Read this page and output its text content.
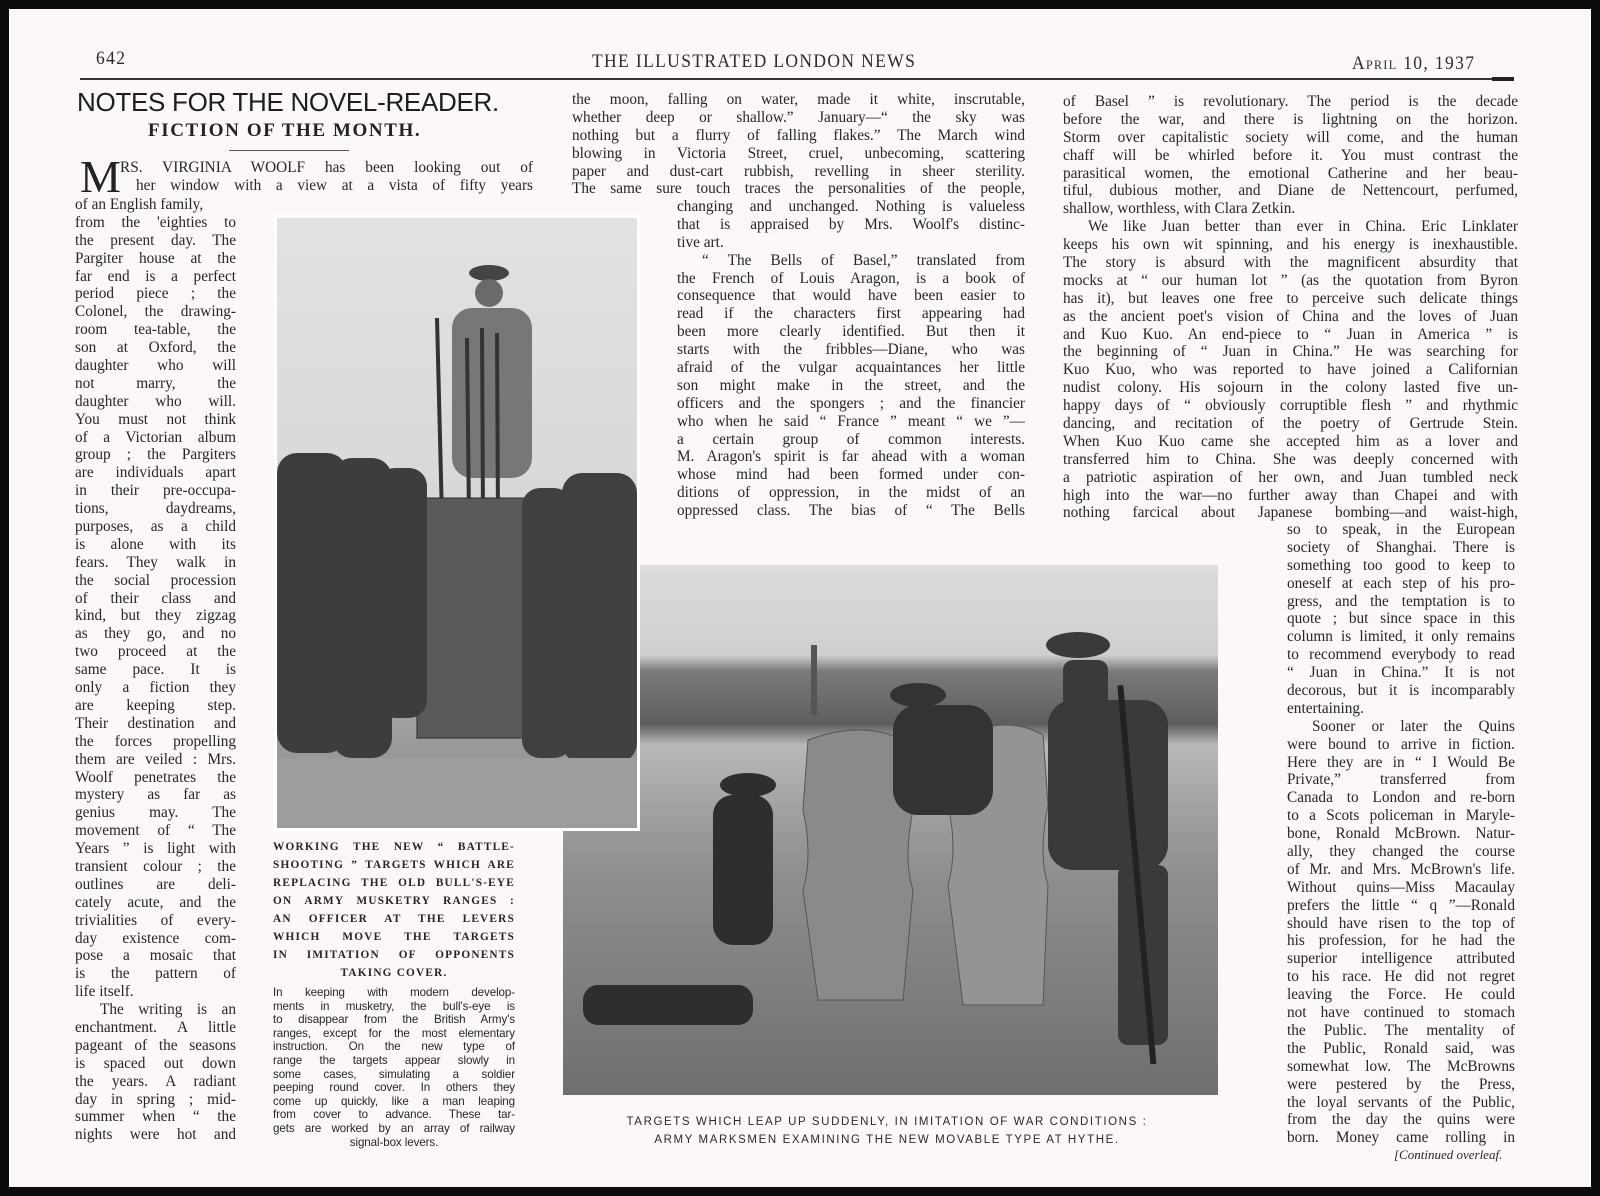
642	THE ILLUSTRATED LONDON NEWS	April 10, 1937
NOTES FOR THE NOVEL-READER.
FICTION OF THE MONTH.
M RS. VIRGINIA WOOLF has been looking out of
her window with a view at a vista of fifty years
of an English family,
from the 'eighties to
the present day. The
Pargiter house at the
far end is a perfect
period piece ; the
Colonel, the drawing-
room tea-table, the
son at Oxford, the
daughter who will
not marry, the
daughter who will.
You must not think
of a Victorian album
group ; the Pargiters
are individuals apart
in their pre-occupa-
tions, daydreams,
purposes, as a child
is alone with its
fears. They walk in
the social procession
of their class and
kind, but they zigzag
as they go, and no
two proceed at the
same pace. It is
only a fiction they
are keeping step.
Their destination and
the forces propelling
them are veiled : Mrs.
Woolf penetrates the
mystery as far as
genius may. The
movement of “ The
Years ” is light with
transient colour ; the
outlines are deli-
cately acute, and the
trivialities of every-
day existence com-
pose a mosaic that
is the pattern of
life itself.
The writing is an
enchantment. A little
pageant of the seasons
is spaced out down
the years. A radiant
day in spring ; mid-
summer when “ the
nights were hot and
the moon, falling on water, made it white, inscrutable,
whether deep or shallow.” January—“ the sky was
nothing but a flurry of falling flakes.” The March wind
blowing in Victoria Street, cruel, unbecoming, scattering
paper and dust-cart rubbish, revelling in sheer sterility.
The same sure touch traces the personalities of the people,
changing and unchanged. Nothing is valueless
that is appraised by Mrs. Woolf's distinc-
tive art.
“ The Bells of Basel,” translated from
the French of Louis Aragon, is a book of
consequence that would have been easier to
read if the characters first appearing had
been more clearly identified. But then it
starts with the fribbles—Diane, who was
afraid of the vulgar acquaintances her little
son might make in the street, and the
officers and the spongers ; and the financier
who when he said “ France ” meant “ we ”—
a certain group of common interests.
M. Aragon's spirit is far ahead with a woman
whose mind had been formed under con-
ditions of oppression, in the midst of an
oppressed class. The bias of “ The Bells
of Basel ” is revolutionary. The period is the decade
before the war, and there is lightning on the horizon.
Storm over capitalistic society will come, and the human
chaff will be whirled before it. You must contrast the
parasitical women, the emotional Catherine and her beau-
tiful, dubious mother, and Diane de Nettencourt, perfumed,
shallow, worthless, with Clara Zetkin.
We like Juan better than ever in China. Eric Linklater
keeps his own wit spinning, and his energy is inexhaustible.
The story is absurd with the magnificent absurdity that
mocks at “ our human lot ” (as the quotation from Byron
has it), but leaves one free to perceive such delicate things
as the ancient poet's vision of China and the loves of Juan
and Kuo Kuo. An end-piece to “ Juan in America ” is
the beginning of “ Juan in China.” He was searching for
Kuo Kuo, who was reported to have joined a Californian
nudist colony. His sojourn in the colony lasted five un-
happy days of “ obviously corruptible flesh ” and rhythmic
dancing, and recitation of the poetry of Gertrude Stein.
When Kuo Kuo came she accepted him as a lover and
transferred him to China. She was deeply concerned with
a patriotic aspiration of her own, and Juan tumbled neck
high into the war—no further away than Chapei and with
nothing farcical about Japanese bombing—and waist-high,
so to speak, in the European
society of Shanghai. There is
something too good to keep to
oneself at each step of his pro-
gress, and the temptation is to
quote ; but since space in this
column is limited, it only remains
to recommend everybody to read
“ Juan in China.” It is not
decorous, but it is incomparably
entertaining.
Sooner or later the Quins
were bound to arrive in fiction.
Here they are in “ I Would Be
Private,” transferred from
Canada to London and re-born
to a Scots policeman in Maryle-
bone, Ronald McBrown. Natur-
ally, they changed the course
of Mr. and Mrs. McBrown's life.
Without quins—Miss Macaulay
prefers the little “ q ”—Ronald
should have risen to the top of
his profession, for he had the
superior intelligence attributed
to his race. He did not regret
leaving the Force. He could
not have continued to stomach
the Public. The mentality of
the Public, Ronald said, was
somewhat low. The McBrowns
were pestered by the Press,
the loyal servants of the Public,
from the day the quins were
born. Money came rolling in
[Continued overleaf.
WORKING THE NEW “ BATTLE-
SHOOTING ” TARGETS WHICH ARE
REPLACING THE OLD BULL'S-EYE
ON ARMY MUSKETRY RANGES :
AN OFFICER AT THE LEVERS
WHICH MOVE THE TARGETS
IN IMITATION OF OPPONENTS
TAKING COVER.
In keeping with modern develop-
ments in musketry, the bull's-eye is
to disappear from the British Army's
ranges, except for the most elementary
instruction. On the new type of
range the targets appear slowly in
some cases, simulating a soldier
peeping round cover. In others they
come up quickly, like a man leaping
from cover to advance. These tar-
gets are worked by an array of railway
signal-box levers.
TARGETS WHICH LEAP UP SUDDENLY, IN IMITATION OF WAR CONDITIONS :
ARMY MARKSMEN EXAMINING THE NEW MOVABLE TYPE AT HYTHE.
